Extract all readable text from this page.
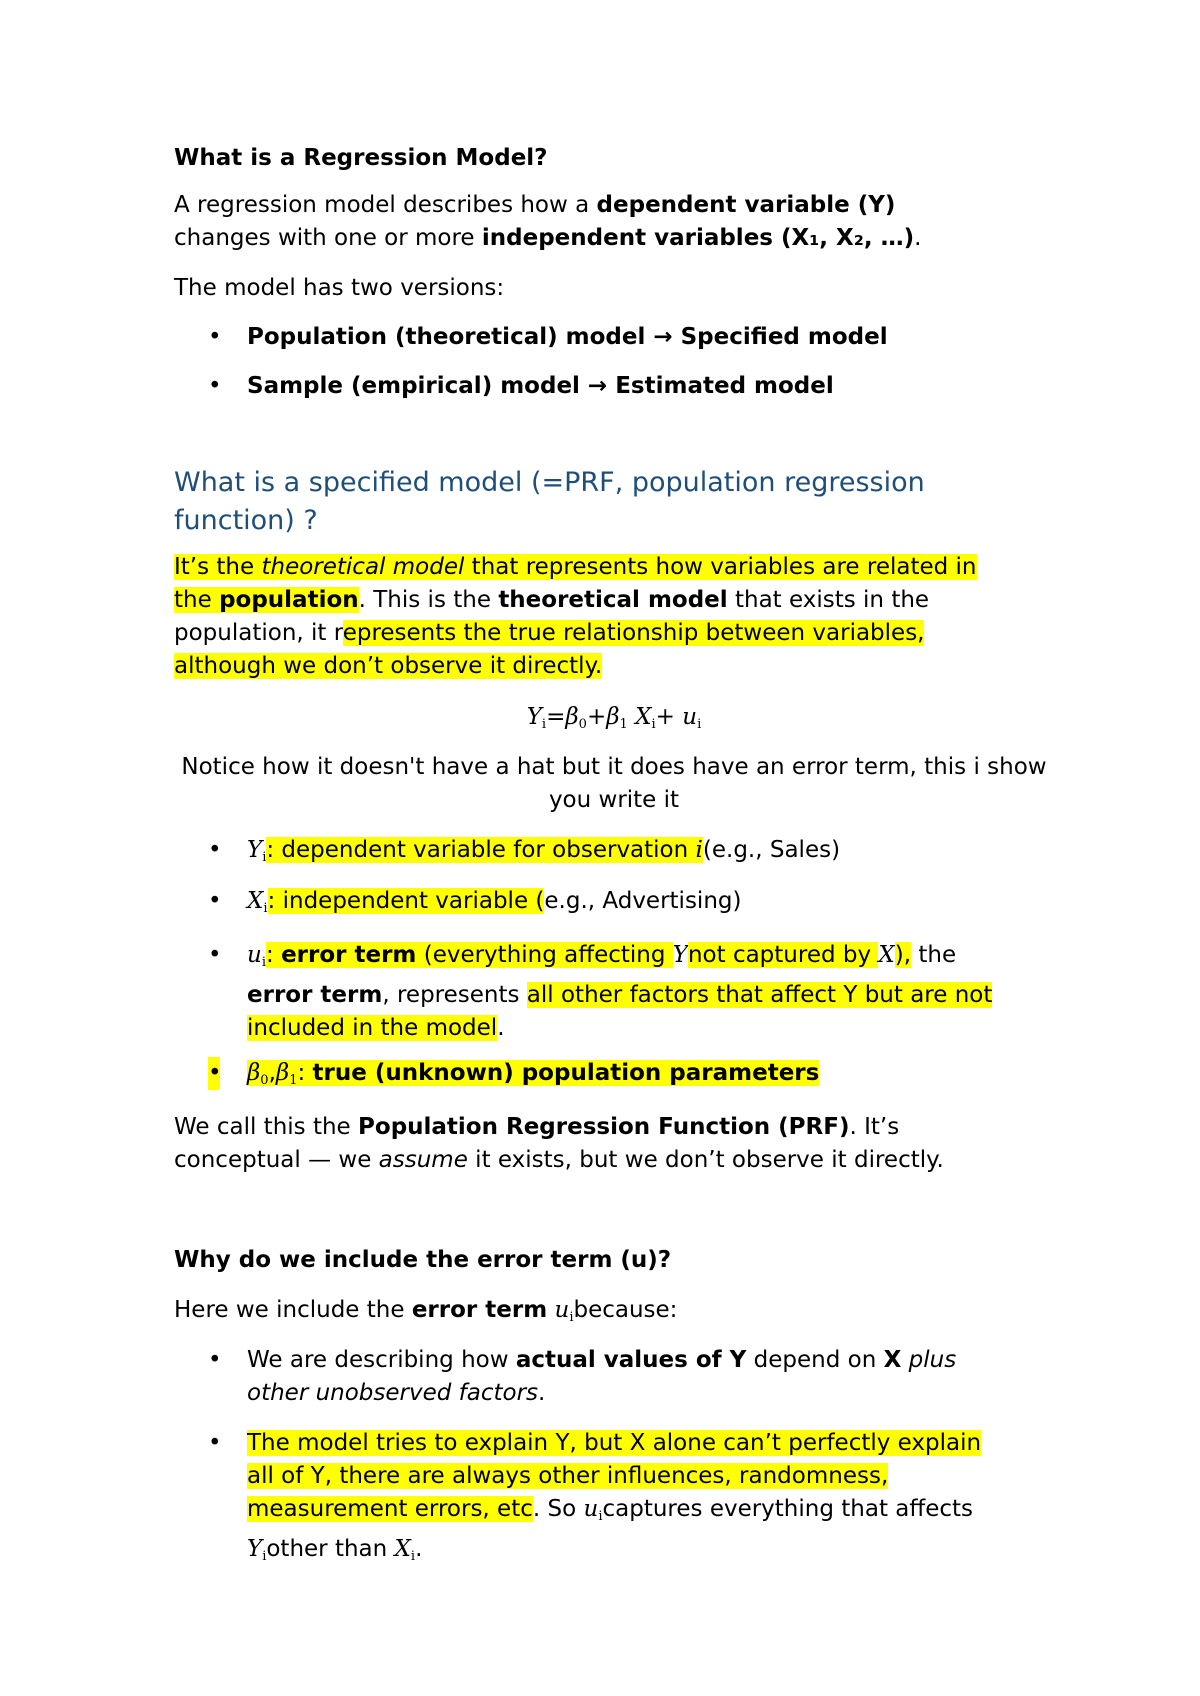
What is a Regression Model?
A regression model describes how a dependent variable (Y)
changes with one or more independent variables (X₁, X₂, …).
The model has two versions:
• Population (theoretical) model → Specified model
• Sample (empirical) model → Estimated model
What is a specified model (=PRF, population regression function) ?
It’s the theoretical model that represents how variables are related in
the population. This is the theoretical model that exists in the
population, it represents the true relationship between variables,
although we don’t observe it directly.
$Y_i=\beta_0+\beta_1$ $X_i+ u_i$
Notice how it doesn't have a hat but it does have an error term, this i show you write it
• $Y_i$: dependent variable for observation i(e.g., Sales)
• $X_i$: independent variable (e.g., Advertising)
• $u_i$: error term (everything affecting Ynot captured by X), the
error term, represents all other factors that affect Y but are not
included in the model.
• $\beta_0,\beta_1$: true (unknown) population parameters
We call this the Population Regression Function (PRF). It’s
conceptual — we assume it exists, but we don’t observe it directly.
Why do we include the error term (u)?
Here we include the error term $u_ibecause$:
• We are describing how actual values of Y depend on X plus
other unobserved factors.
• The model tries to explain Y, but X alone can’t perfectly explain
all of Y, there are always other influences, randomness,
measurement errors, etc. So $u_icaptures$ everything that affects
$Y_iother$ than $X_i$.
